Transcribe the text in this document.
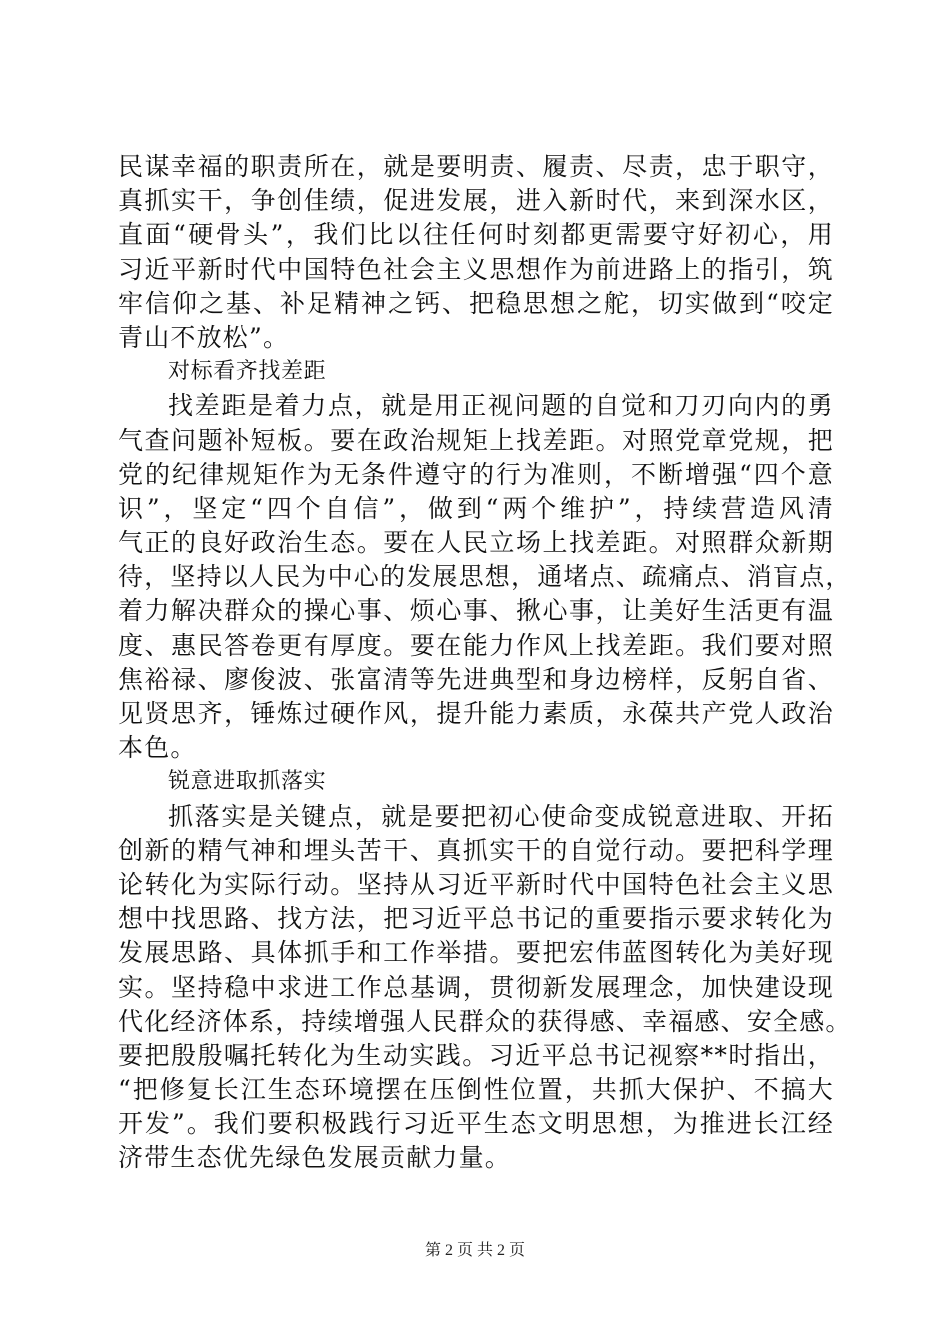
民谋幸福的职责所在，就是要明责、履责、尽责，忠于职守，
真抓实干，争创佳绩，促进发展，进入新时代，来到深水区，
直面“硬骨头”，我们比以往任何时刻都更需要守好初心，用
习近平新时代中国特色社会主义思想作为前进路上的指引，筑
牢信仰之基、补足精神之钙、把稳思想之舵，切实做到“咬定
青山不放松”。
对标看齐找差距
找差距是着力点，就是用正视问题的自觉和刀刃向内的勇
气查问题补短板。要在政治规矩上找差距。对照党章党规，把
党的纪律规矩作为无条件遵守的行为准则，不断增强“四个意
识”，坚定“四个自信”，做到“两个维护”，持续营造风清
气正的良好政治生态。要在人民立场上找差距。对照群众新期
待，坚持以人民为中心的发展思想，通堵点、疏痛点、消盲点，
着力解决群众的操心事、烦心事、揪心事，让美好生活更有温
度、惠民答卷更有厚度。要在能力作风上找差距。我们要对照
焦裕禄、廖俊波、张富清等先进典型和身边榜样，反躬自省、
见贤思齐，锤炼过硬作风，提升能力素质，永葆共产党人政治
本色。
锐意进取抓落实
抓落实是关键点，就是要把初心使命变成锐意进取、开拓
创新的精气神和埋头苦干、真抓实干的自觉行动。要把科学理
论转化为实际行动。坚持从习近平新时代中国特色社会主义思
想中找思路、找方法，把习近平总书记的重要指示要求转化为
发展思路、具体抓手和工作举措。要把宏伟蓝图转化为美好现
实。坚持稳中求进工作总基调，贯彻新发展理念，加快建设现
代化经济体系，持续增强人民群众的获得感、幸福感、安全感。
要把殷殷嘱托转化为生动实践。习近平总书记视察**时指出，
“把修复长江生态环境摆在压倒性位置，共抓大保护、不搞大
开发”。我们要积极践行习近平生态文明思想，为推进长江经
济带生态优先绿色发展贡献力量。
第 2 页 共 2 页
